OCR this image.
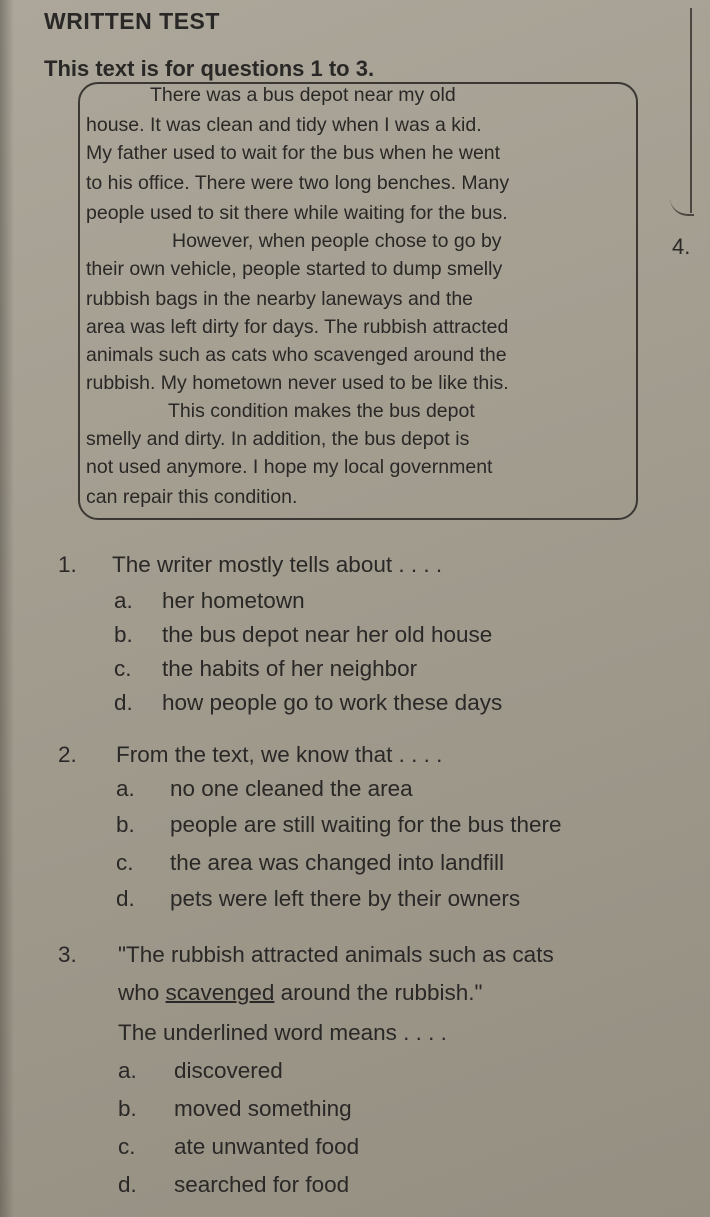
WRITTEN TEST
This text is for questions 1 to 3.
There was a bus depot near my old
house. It was clean and tidy when I was a kid.
My father used to wait for the bus when he went
to his office. There were two long benches. Many
people used to sit there while waiting for the bus.
However, when people chose to go by
their own vehicle, people started to dump smelly
rubbish bags in the nearby laneways and the
area was left dirty for days. The rubbish attracted
animals such as cats who scavenged around the
rubbish. My hometown never used to be like this.
This condition makes the bus depot
smelly and dirty. In addition, the bus depot is
not used anymore. I hope my local government
can repair this condition.
4.
1. The writer mostly tells about . . . .
a. her hometown
b. the bus depot near her old house
c. the habits of her neighbor
d. how people go to work these days
2. From the text, we know that . . . .
a. no one cleaned the area
b. people are still waiting for the bus there
c. the area was changed into landfill
d. pets were left there by their owners
3. "The rubbish attracted animals such as cats
who scavenged around the rubbish."
The underlined word means . . . .
a. discovered
b. moved something
c. ate unwanted food
d. searched for food
